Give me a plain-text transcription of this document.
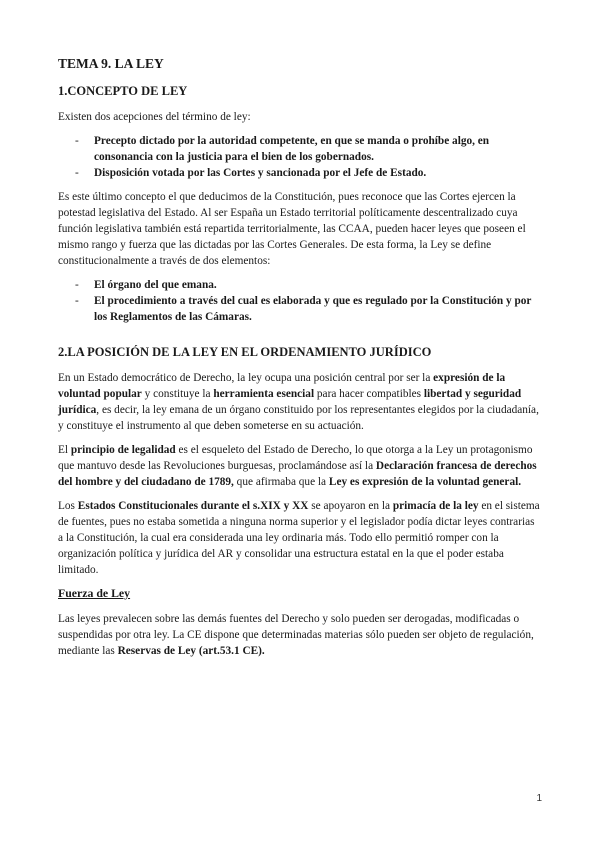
TEMA 9. LA LEY
1.CONCEPTO DE LEY

Existen dos acepciones del término de ley:

- Precepto dictado por la autoridad competente, en que se manda o prohíbe algo, en consonancia con la justicia para el bien de los gobernados.
- Disposición votada por las Cortes y sancionada por el Jefe de Estado.

Es este último concepto el que deducimos de la Constitución, pues reconoce que las Cortes ejercen la potestad legislativa del Estado. Al ser España un Estado territorial políticamente descentralizado cuya función legislativa también está repartida territorialmente, las CCAA, pueden hacer leyes que poseen el mismo rango y fuerza que las dictadas por las Cortes Generales. De esta forma, la Ley se define constitucionalmente a través de dos elementos:

- El órgano del que emana.
- El procedimiento a través del cual es elaborada y que es regulado por la Constitución y por los Reglamentos de las Cámaras.
2.LA POSICIÓN DE LA LEY EN EL ORDENAMIENTO JURÍDICO

En un Estado democrático de Derecho, la ley ocupa una posición central por ser la expresión de la voluntad popular y constituye la herramienta esencial para hacer compatibles libertad y seguridad jurídica, es decir, la ley emana de un órgano constituido por los representantes elegidos por la ciudadanía, y constituye el instrumento al que deben someterse en su actuación.

El principio de legalidad es el esqueleto del Estado de Derecho, lo que otorga a la Ley un protagonismo que mantuvo desde las Revoluciones burguesas, proclamándose así la Declaración francesa de derechos del hombre y del ciudadano de 1789, que afirmaba que la Ley es expresión de la voluntad general.

Los Estados Constitucionales durante el s.XIX y XX se apoyaron en la primacía de la ley en el sistema de fuentes, pues no estaba sometida a ninguna norma superior y el legislador podía dictar leyes contrarias a la Constitución, la cual era considerada una ley ordinaria más. Todo ello permitió romper con la organización política y jurídica del AR y consolidar una estructura estatal en la que el poder estaba limitado.

Fuerza de Ley

Las leyes prevalecen sobre las demás fuentes del Derecho y solo pueden ser derogadas, modificadas o suspendidas por otra ley. La CE dispone que determinadas materias sólo pueden ser objeto de regulación, mediante las Reservas de Ley (art.53.1 CE).

1
